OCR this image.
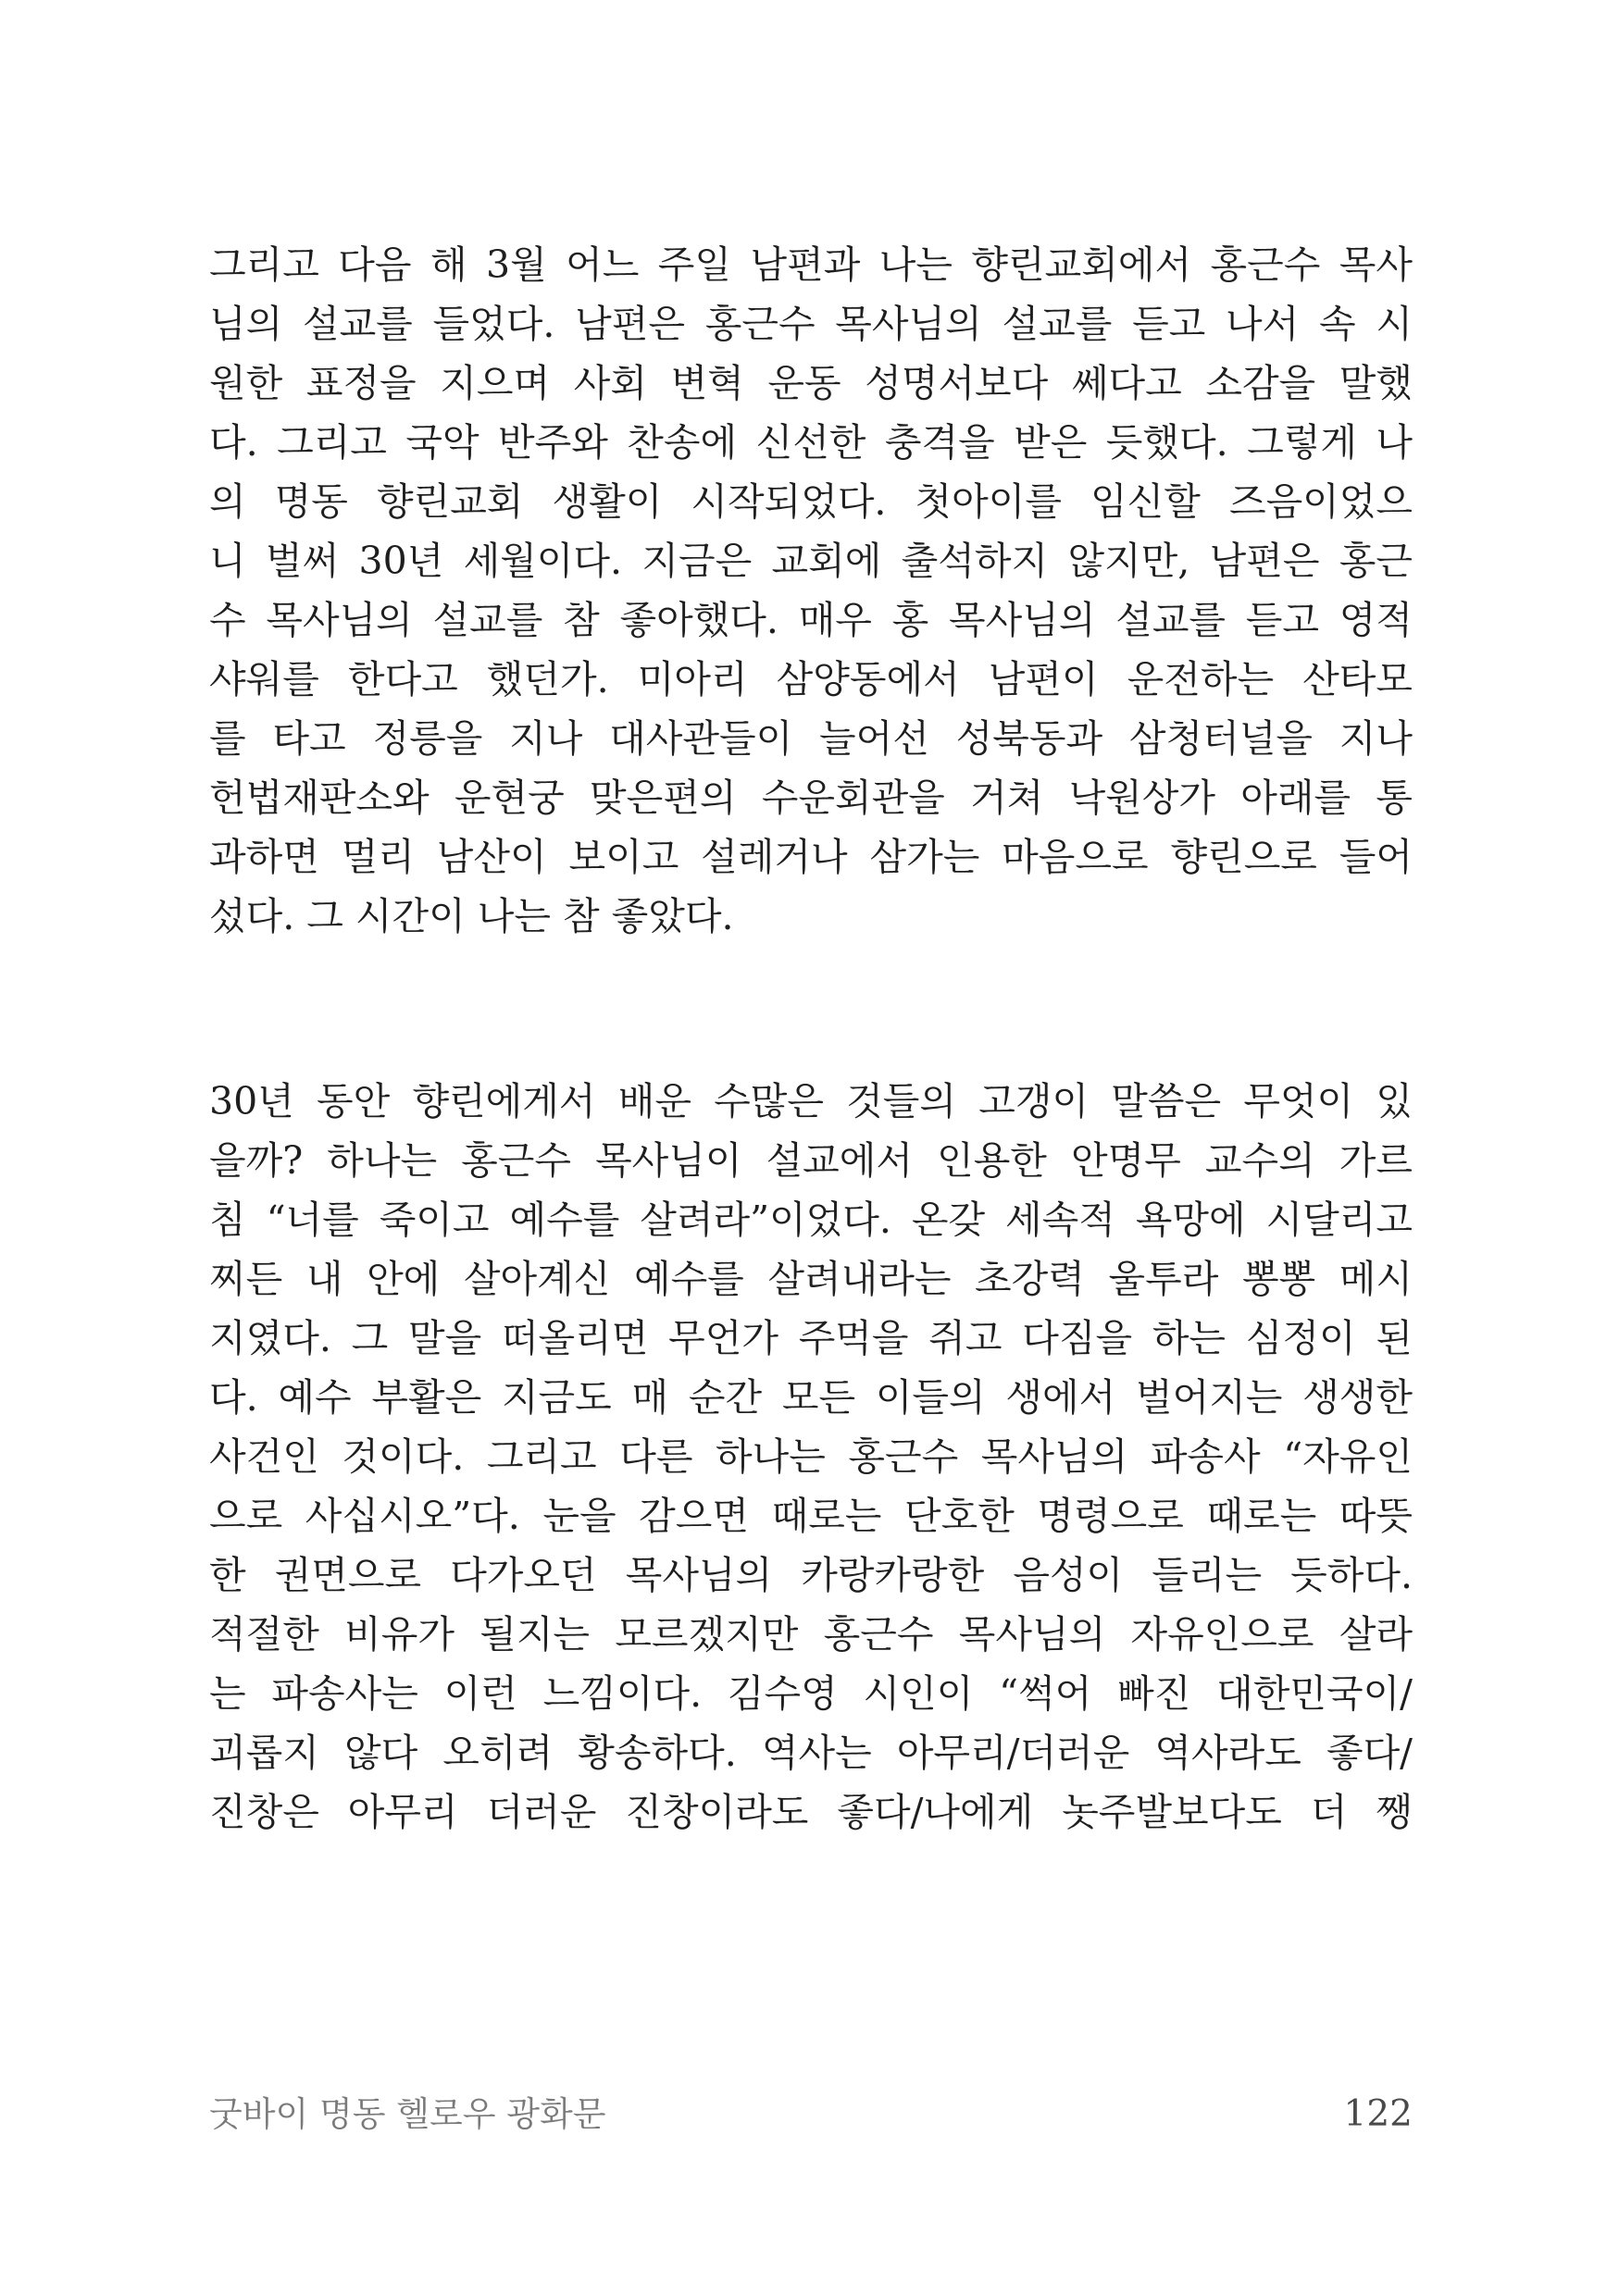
그리고 다음 해 3월 어느 주일 남편과 나는 향린교회에서 홍근수 목사
님의 설교를 들었다. 남편은 홍근수 목사님의 설교를 듣고 나서 속 시
원한 표정을 지으며 사회 변혁 운동 성명서보다 쎄다고 소감을 말했
다. 그리고 국악 반주와 찬송에 신선한 충격을 받은 듯했다. 그렇게 나
의 명동 향린교회 생활이 시작되었다. 첫아이를 임신할 즈음이었으
니 벌써 30년 세월이다. 지금은 교회에 출석하지 않지만, 남편은 홍근
수 목사님의 설교를 참 좋아했다. 매우 홍 목사님의 설교를 듣고 영적
샤워를 한다고 했던가. 미아리 삼양동에서 남편이 운전하는 산타모
를 타고 정릉을 지나 대사관들이 늘어선 성북동과 삼청터널을 지나
헌법재판소와 운현궁 맞은편의 수운회관을 거쳐 낙원상가 아래를 통
과하면 멀리 남산이 보이고 설레거나 삼가는 마음으로 향린으로 들어
섰다. 그 시간이 나는 참 좋았다.
30년 동안 향린에게서 배운 수많은 것들의 고갱이 말씀은 무엇이 있
을까? 하나는 홍근수 목사님이 설교에서 인용한 안명무 교수의 가르
침 “너를 죽이고 예수를 살려라”이었다. 온갖 세속적 욕망에 시달리고
찌든 내 안에 살아계신 예수를 살려내라는 초강력 울투라 뽕뽕 메시
지였다. 그 말을 떠올리면 무언가 주먹을 쥐고 다짐을 하는 심정이 된
다. 예수 부활은 지금도 매 순간 모든 이들의 생에서 벌어지는 생생한
사건인 것이다. 그리고 다른 하나는 홍근수 목사님의 파송사 “자유인
으로 사십시오”다. 눈을 감으면 때로는 단호한 명령으로 때로는 따뜻
한 권면으로 다가오던 목사님의 카랑카랑한 음성이 들리는 듯하다.
적절한 비유가 될지는 모르겠지만 홍근수 목사님의 자유인으로 살라
는 파송사는 이런 느낌이다. 김수영 시인이 “썩어 빠진 대한민국이/
괴롭지 않다 오히려 황송하다. 역사는 아무리/더러운 역사라도 좋다/
진창은 아무리 더러운 진창이라도 좋다/나에게 놋주발보다도 더 쨍
굿바이 명동 헬로우 광화문	122
